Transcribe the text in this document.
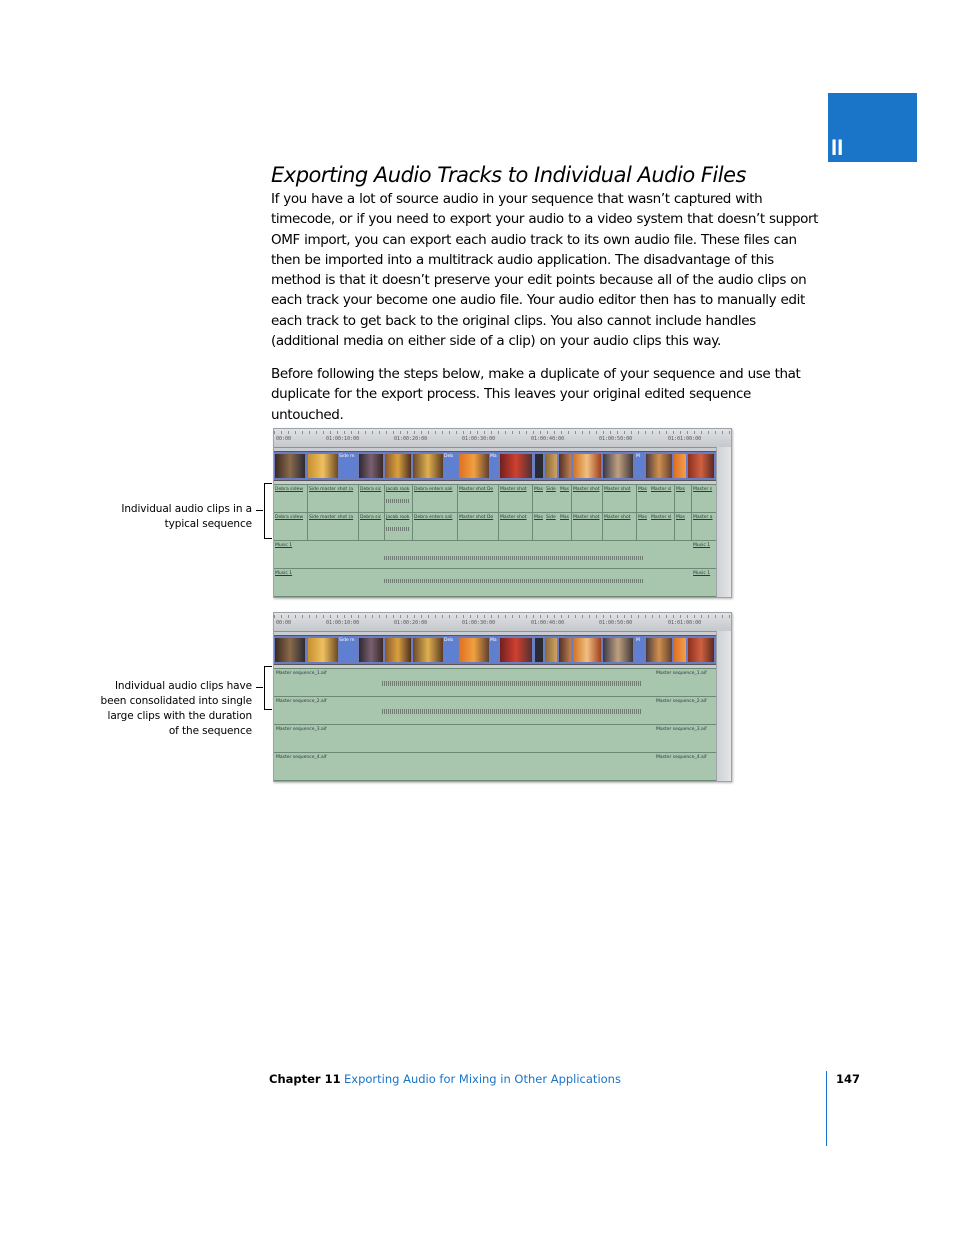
II
Exporting Audio Tracks to Individual Audio Files

If you have a lot of source audio in your sequence that wasn’t captured with timecode, or if you need to export your audio to a video system that doesn’t support OMF import, you can export each audio track to its own audio file. These files can then be imported into a multitrack audio application. The disadvantage of this method is that it doesn’t preserve your edit points because all of the audio clips on each track your become one audio file. Your audio editor then has to manually edit each track to get back to the original clips. You also cannot include handles (additional media on either side of a clip) on your audio clips this way.

Before following the steps below, make a duplicate of your sequence and use that duplicate for the export process. This leaves your original edited sequence untouched.

Individual audio clips in a typical sequence
00:00	01:00:10:00	01:00:20:00	01:00:30:00	01:00:40:00	01:00:50:00	01:01:00:00
Side m	Deb	Ma	M
Debra sidew Side master shot (a Debra sic Jacob rook Debra enters sali Master shot De Master shot Mas Side Mas Master shot Master shot Mas Master sl Mas Master s
Debra sidew Side master shot (a Debra sic Jacob rook Debra enters sali Master shot De Master shot Mas Side Mas Master shot Master shot Mas Master sl Mas Master a
Music 1	Music 1
Music 1	Music 1
Individual audio clips have been consolidated into single large clips with the duration of the sequence
00:00	01:00:10:00	01:00:20:00	01:00:30:00	01:00:40:00	01:00:50:00	01:01:00:00
Side m	Deb	Ma	M
Master sequence_1.aif	Master sequence_1.aif
Master sequence_2.aif	Master sequence_2.aif
Master sequence_3.aif	Master sequence_3.aif
Master sequence_4.aif	Master sequence_4.aif
Chapter 11 Exporting Audio for Mixing in Other Applications	147
